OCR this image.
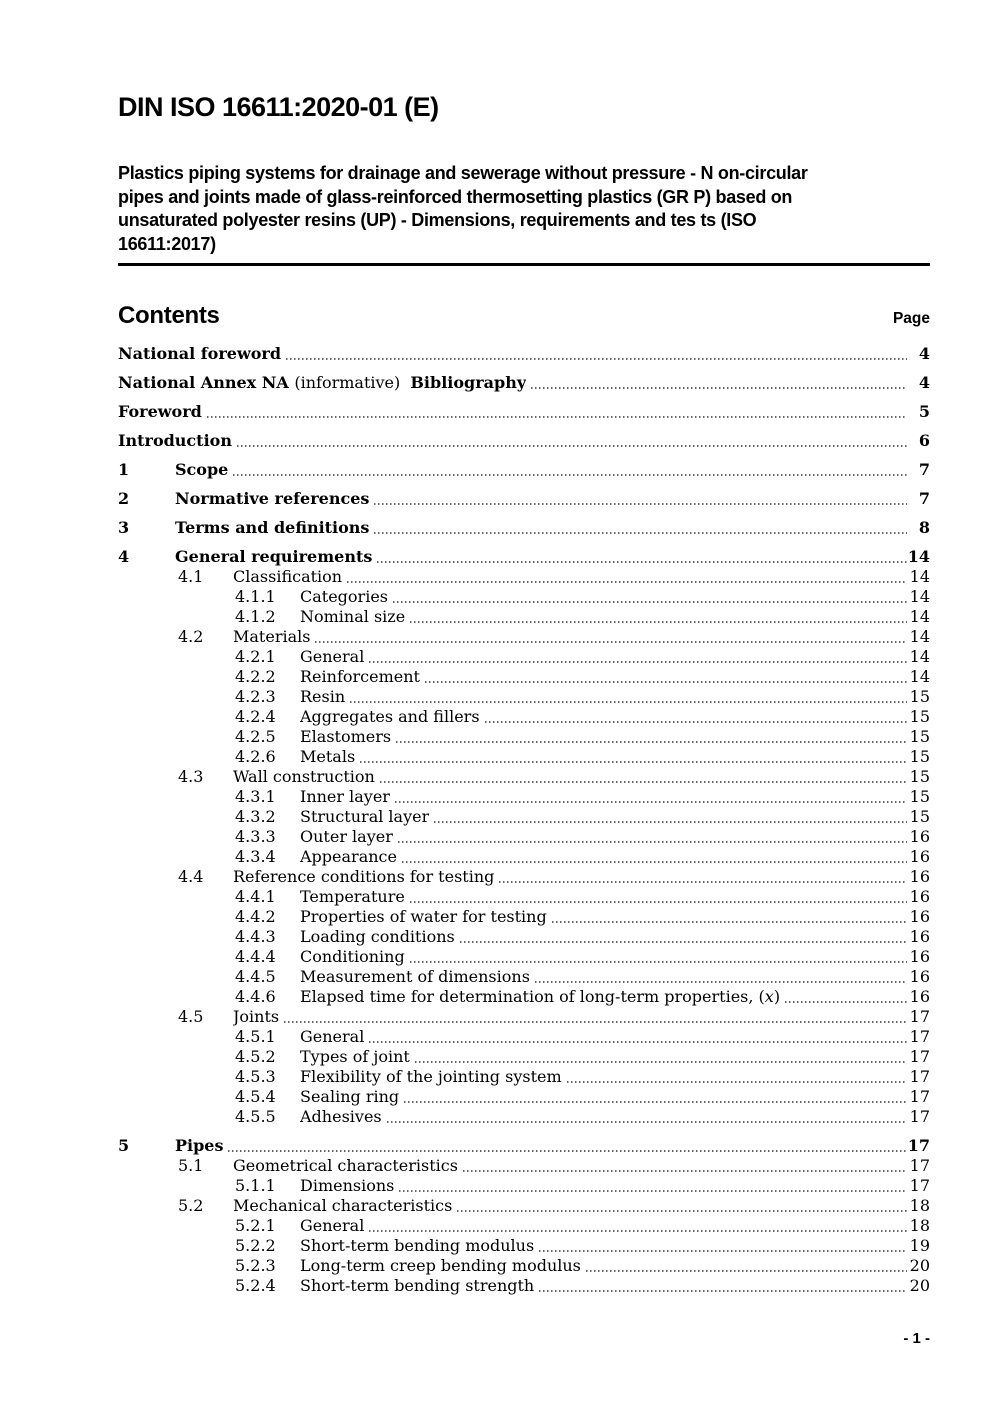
DIN ISO 16611:2020-01 (E)
Plastics piping systems for drainage and sewerage without pressure - N on-circular
pipes and joints made of glass-reinforced thermosetting plastics (GR P) based on
unsaturated polyester resins (UP) - Dimensions, requirements and tes ts (ISO
16611:2017)
Contents	Page
National foreword	4
National Annex NA (informative)  Bibliography	4
Foreword	5
Introduction	6
1	Scope	7
2	Normative references	7
3	Terms and definitions	8
4	General requirements	14
4.1	Classification	14
4.1.1	Categories	14
4.1.2	Nominal size	14
4.2	Materials	14
4.2.1	General	14
4.2.2	Reinforcement	14
4.2.3	Resin	15
4.2.4	Aggregates and fillers	15
4.2.5	Elastomers	15
4.2.6	Metals	15
4.3	Wall construction	15
4.3.1	Inner layer	15
4.3.2	Structural layer	15
4.3.3	Outer layer	16
4.3.4	Appearance	16
4.4	Reference conditions for testing	16
4.4.1	Temperature	16
4.4.2	Properties of water for testing	16
4.4.3	Loading conditions	16
4.4.4	Conditioning	16
4.4.5	Measurement of dimensions	16
4.4.6	Elapsed time for determination of long-term properties, (x)	16
4.5	Joints	17
4.5.1	General	17
4.5.2	Types of joint	17
4.5.3	Flexibility of the jointing system	17
4.5.4	Sealing ring	17
4.5.5	Adhesives	17
5	Pipes	17
5.1	Geometrical characteristics	17
5.1.1	Dimensions	17
5.2	Mechanical characteristics	18
5.2.1	General	18
5.2.2	Short-term bending modulus	19
5.2.3	Long-term creep bending modulus	20
5.2.4	Short-term bending strength	20
- 1 -
